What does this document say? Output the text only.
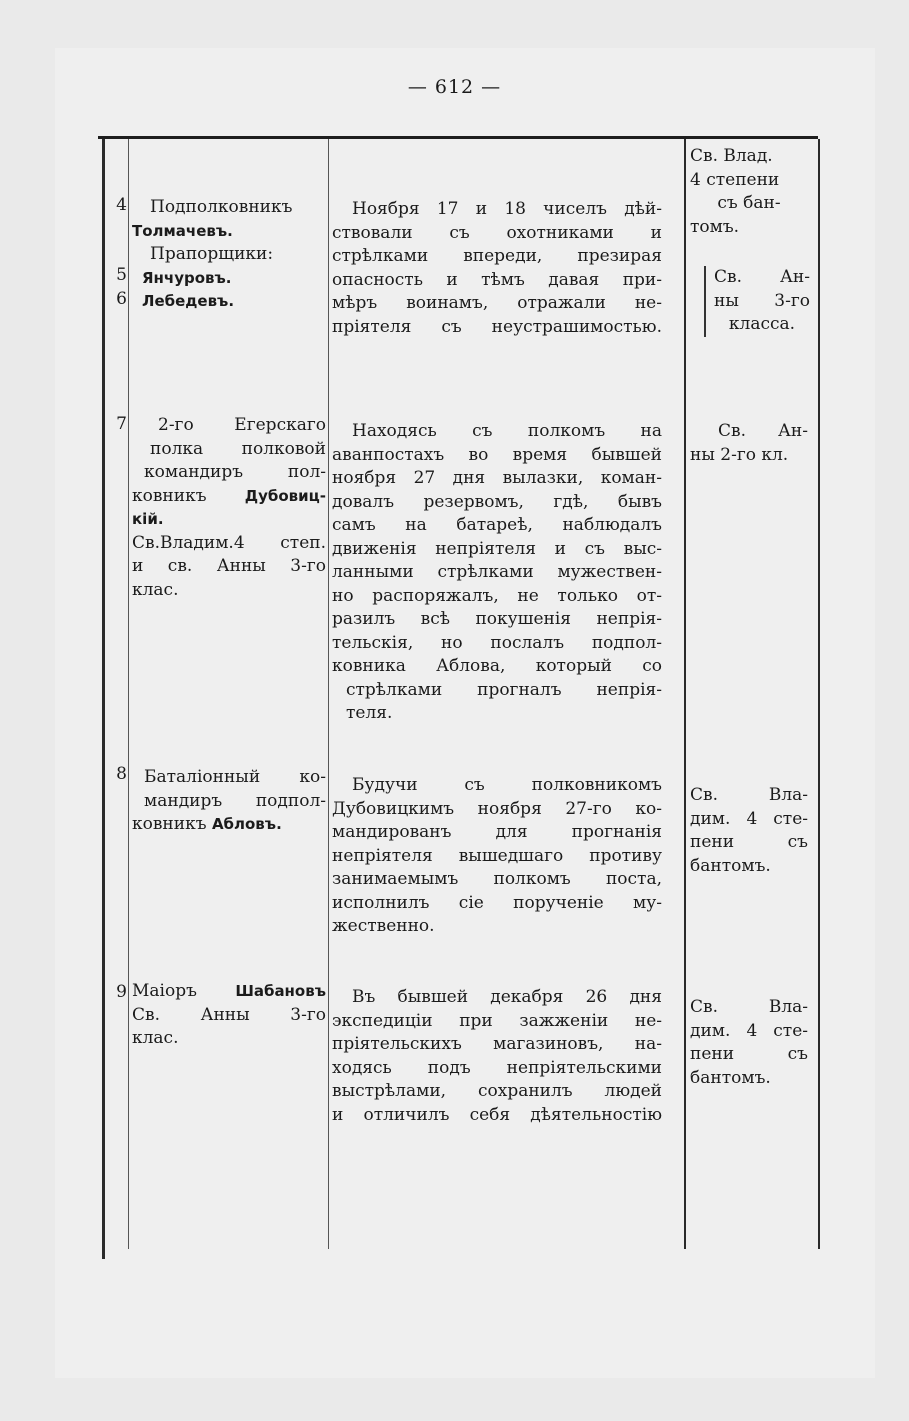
— 612 —
4
5
6
Подполковникъ
Толмачевъ.
Прапорщики:
Янчуровъ.
Лебедевъ.
Ноября 17 и 18 чиселъ дѣй-
ствовали съ охотниками и
стрѣлками впереди, презирая
опасность и тѣмъ давая при-
мѣръ воинамъ, отражали не-
пріятеля съ неустрашимостью.
Св. Влад.
4 степени
съ бан-
томъ.
Св. Ан-
ны 3-го
класса.
7	2-го Егерскаго
полка полковой
командиръ пол-
ковникъ Дубовиц-
кій.
Св.Владим.4 степ.
и св. Анны 3-го
клас.
Находясь съ полкомъ на
аванпостахъ во время бывшей
ноября 27 дня вылазки, коман-
довалъ резервомъ, гдѣ, бывъ
самъ на батареѣ, наблюдалъ
движенія непріятеля и съ выс-
ланными стрѣлками мужествен-
но распоряжалъ, не только от-
разилъ всѣ покушенія непрія-
тельскія, но послалъ подпол-
ковника Аблова, который со
стрѣлками прогналъ непрія-
теля.
Св. Ан-
ны 2-го кл.
8	Баталіонный ко-
мандиръ подпол-
ковникъ Абловъ.
Будучи съ полковникомъ
Дубовицкимъ ноября 27-го ко-
мандированъ для прогнанія
непріятеля вышедшаго противу
занимаемымъ полкомъ поста,
исполнилъ сіе порученіе му-
жественно.
Св. Вла-
дим. 4 сте-
пени съ
бантомъ.
9 Маіоръ Шабановъ
Св. Анны 3-го
клас.
Въ бывшей декабря 26 дня
экспедиціи при зажженіи не-
пріятельскихъ магазиновъ, на-
ходясь подъ непріятельскими
выстрѣлами, сохранилъ людей
и отличилъ себя дѣятельностію
Св. Вла-
дим. 4 сте-
пени съ
бантомъ.
